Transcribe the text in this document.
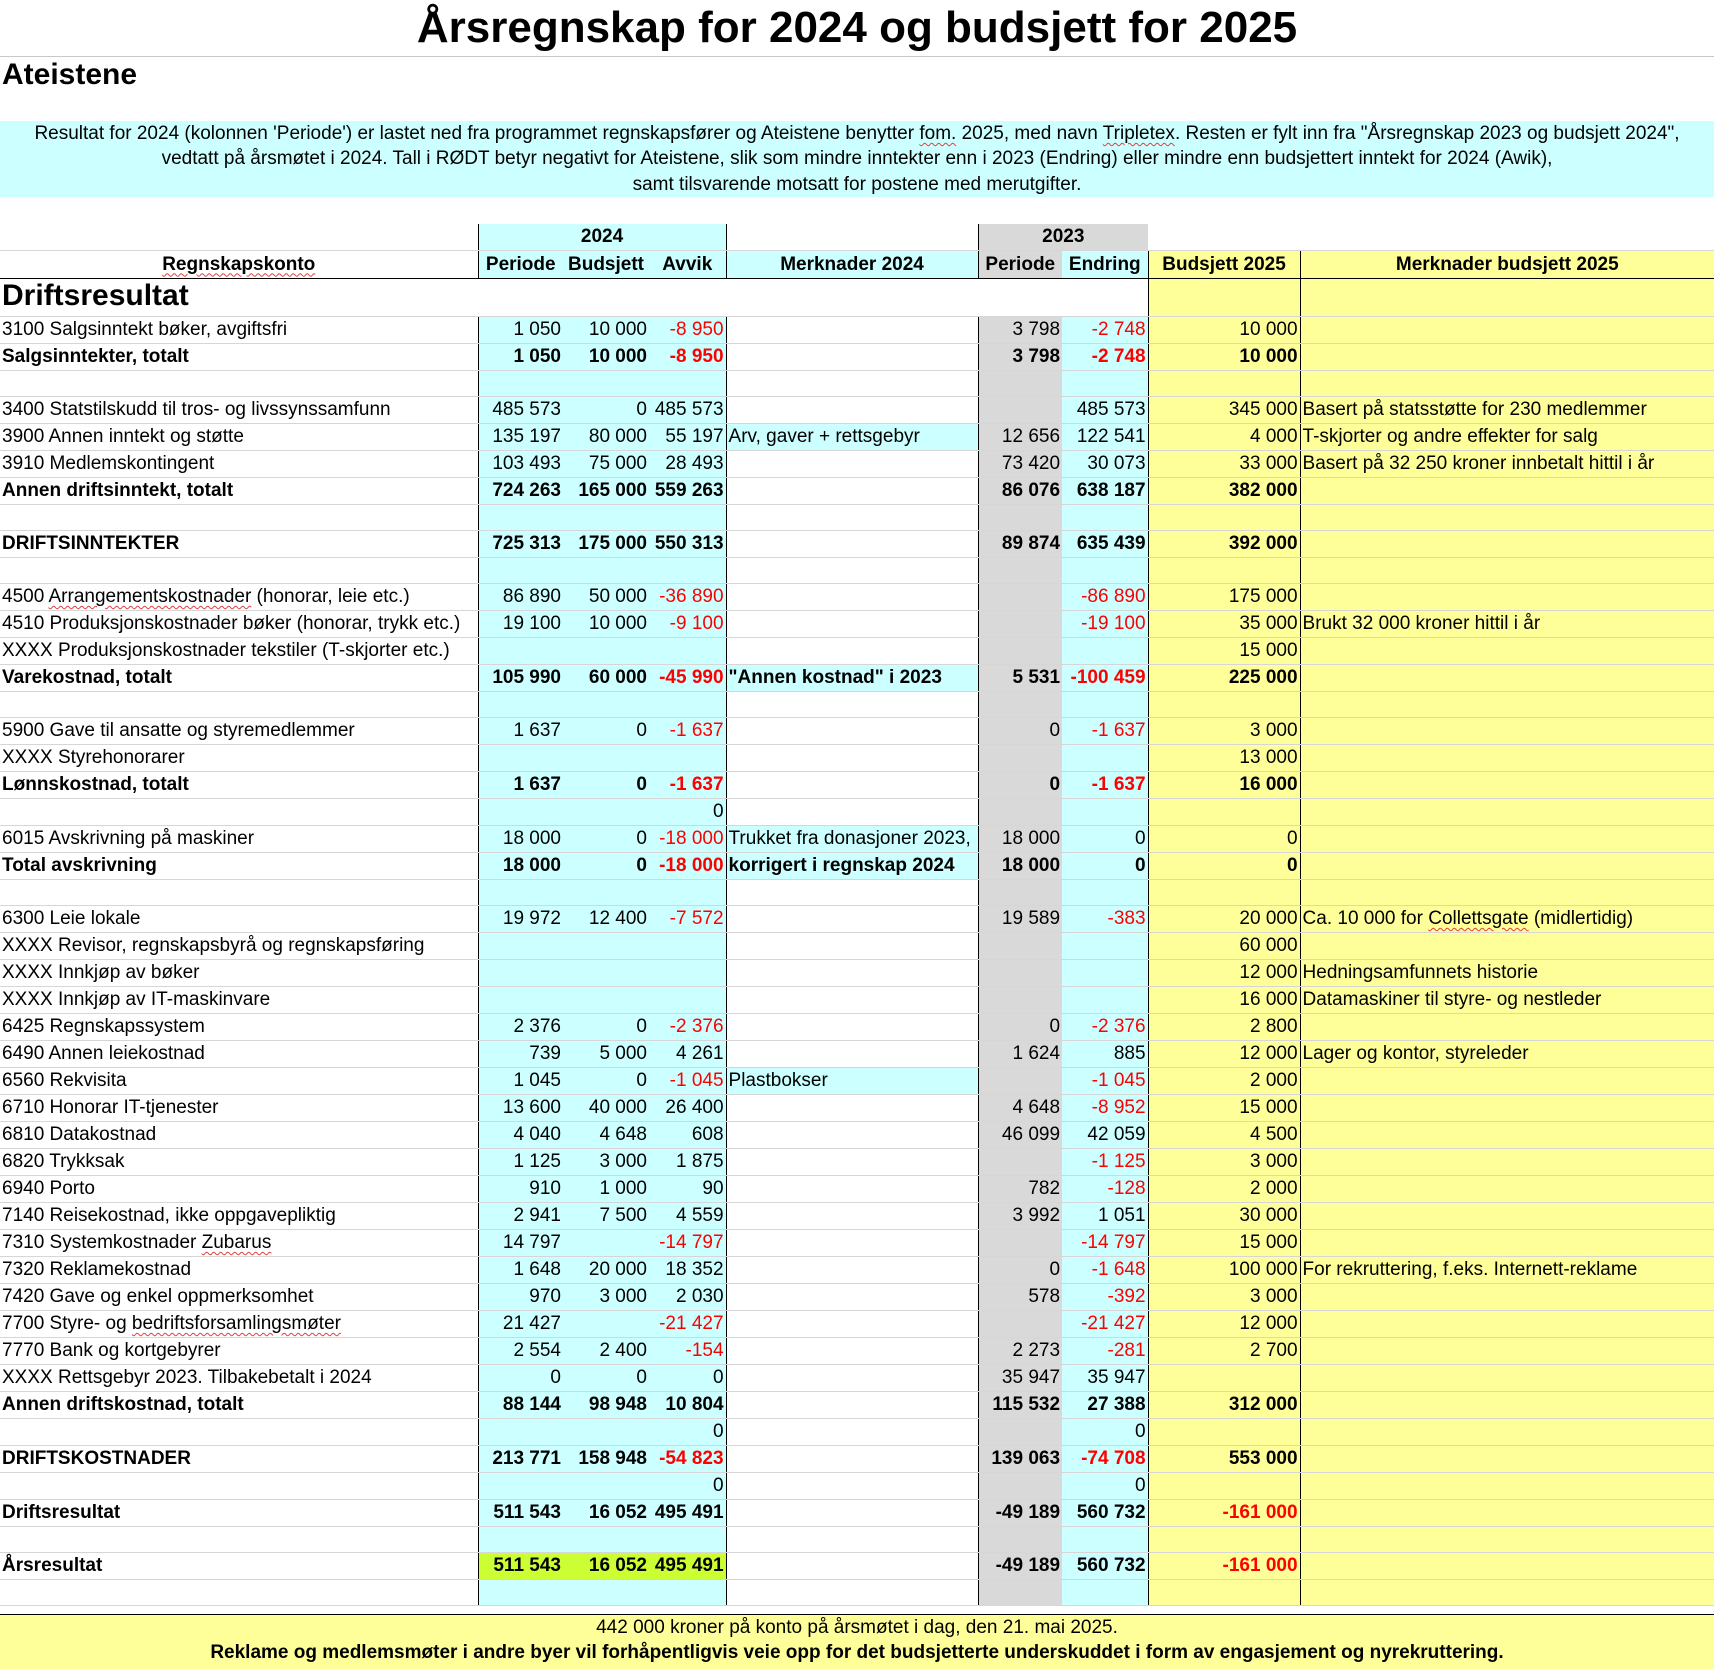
Årsregnskap for 2024 og budsjett for 2025
Ateistene
Resultat for 2024 (kolonnen 'Periode') er lastet ned fra programmet regnskapsfører og Ateistene benytter fom. 2025, med navn Tripletex. Resten er fylt inn fra "Årsregnskap 2023 og budsjett 2024",
vedtatt på årsmøtet i 2024. Tall i RØDT betyr negativt for Ateistene, slik som mindre inntekter enn i 2023 (Endring) eller mindre enn budsjettert inntekt for 2024 (Awik),
samt tilsvarende motsatt for postene med merutgifter.
	2024				2023			
Regnskapskonto	Periode	Budsjett	Avvik	Merknader 2024	Periode	Endring	Budsjett 2025	Merknader budsjett 2025
Driftsresultat								
3100 Salgsinntekt bøker, avgiftsfri	1 050	10 000	-8 950		3 798	-2 748	10 000	
Salgsinntekter, totalt	1 050	10 000	-8 950		3 798	-2 748	10 000	

3400 Statstilskudd til tros- og livssynssamfunn	485 573	0	485 573			485 573	345 000	Basert på statsstøtte for 230 medlemmer
3900 Annen inntekt og støtte	135 197	80 000	55 197	Arv, gaver + rettsgebyr	12 656	122 541	4 000	T-skjorter og andre effekter for salg
3910 Medlemskontingent	103 493	75 000	28 493		73 420	30 073	33 000	Basert på 32 250 kroner innbetalt hittil i år
Annen driftsinntekt, totalt	724 263	165 000	559 263		86 076	638 187	382 000	

DRIFTSINNTEKTER	725 313	175 000	550 313		89 874	635 439	392 000	

4500 Arrangementskostnader (honorar, leie etc.)	86 890	50 000	-36 890			-86 890	175 000	
4510 Produksjonskostnader bøker (honorar, trykk etc.)	19 100	10 000	-9 100			-19 100	35 000	Brukt 32 000 kroner hittil i år
XXXX Produksjonskostnader tekstiler (T-skjorter etc.)							15 000	
Varekostnad, totalt	105 990	60 000	-45 990	"Annen kostnad" i 2023	5 531	-100 459	225 000	

5900 Gave til ansatte og styremedlemmer	1 637	0	-1 637		0	-1 637	3 000	
XXXX Styrehonorarer							13 000	
Lønnskostnad, totalt	1 637	0	-1 637		0	-1 637	16 000	
			0					
6015 Avskrivning på maskiner	18 000	0	-18 000	Trukket fra donasjoner 2023,	18 000	0	0	
Total avskrivning	18 000	0	-18 000	korrigert i regnskap 2024	18 000	0	0	

6300 Leie lokale	19 972	12 400	-7 572		19 589	-383	20 000	Ca. 10 000 for Collettsgate (midlertidig)
XXXX Revisor, regnskapsbyrå og regnskapsføring							60 000	
XXXX Innkjøp av bøker							12 000	Hedningsamfunnets historie
XXXX Innkjøp av IT-maskinvare							16 000	Datamaskiner til styre- og nestleder
6425 Regnskapssystem	2 376	0	-2 376		0	-2 376	2 800	
6490 Annen leiekostnad	739	5 000	4 261		1 624	885	12 000	Lager og kontor, styreleder
6560 Rekvisita	1 045	0	-1 045	Plastbokser		-1 045	2 000	
6710 Honorar IT-tjenester	13 600	40 000	26 400		4 648	-8 952	15 000	
6810 Datakostnad	4 040	4 648	608		46 099	42 059	4 500	
6820 Trykksak	1 125	3 000	1 875			-1 125	3 000	
6940 Porto	910	1 000	90		782	-128	2 000	
7140 Reisekostnad, ikke oppgavepliktig	2 941	7 500	4 559		3 992	1 051	30 000	
7310 Systemkostnader Zubarus	14 797		-14 797			-14 797	15 000	
7320 Reklamekostnad	1 648	20 000	18 352		0	-1 648	100 000	For rekruttering, f.eks. Internett-reklame
7420 Gave og enkel oppmerksomhet	970	3 000	2 030		578	-392	3 000	
7700 Styre- og bedriftsforsamlingsmøter	21 427		-21 427			-21 427	12 000	
7770 Bank og kortgebyrer	2 554	2 400	-154		2 273	-281	2 700	
XXXX Rettsgebyr 2023. Tilbakebetalt i 2024	0	0	0		35 947	35 947		
Annen driftskostnad, totalt	88 144	98 948	10 804		115 532	27 388	312 000	
			0			0		
DRIFTSKOSTNADER	213 771	158 948	-54 823		139 063	-74 708	553 000	
			0			0		
Driftsresultat	511 543	16 052	495 491		-49 189	560 732	-161 000	

Årsresultat	511 543	16 052	495 491		-49 189	560 732	-161 000	

442 000 kroner på konto på årsmøtet i dag, den 21. mai 2025.
Reklame og medlemsmøter i andre byer vil forhåpentligvis veie opp for det budsjetterte underskuddet i form av engasjement og nyrekruttering.
